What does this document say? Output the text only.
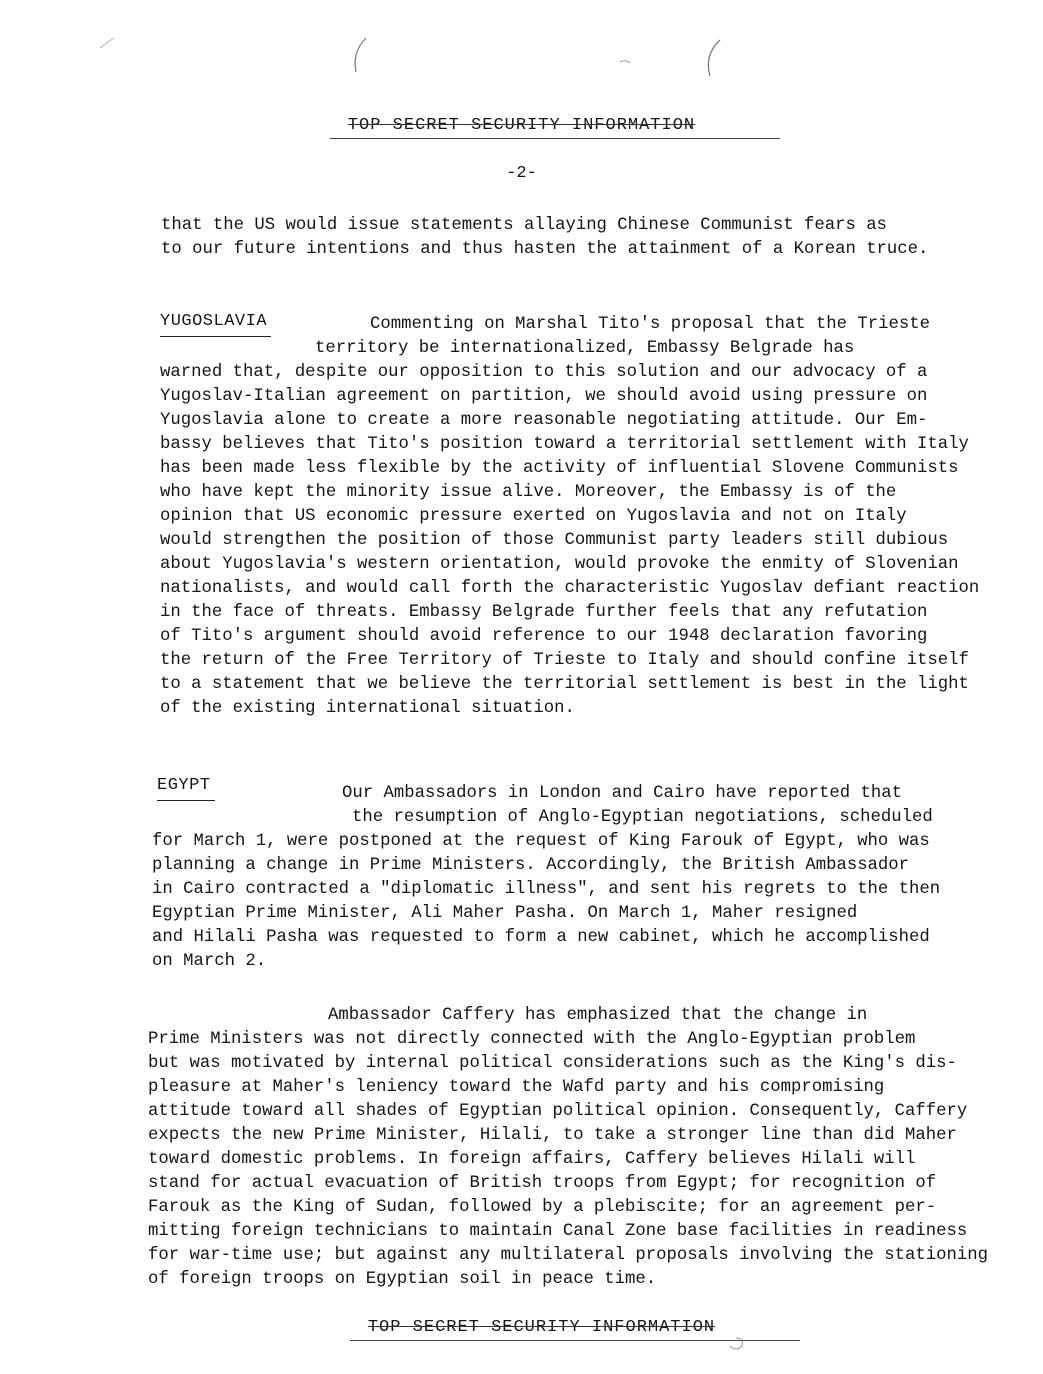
TOP SECRET SECURITY INFORMATION
-2-

that the US would issue statements allaying Chinese Communist fears as
to our future intentions and thus hasten the attainment of a Korean truce.

YUGOSLAVIA	Commenting on Marshal Tito's proposal that the Trieste
territory be internationalized, Embassy Belgrade has
warned that, despite our opposition to this solution and our advocacy of a
Yugoslav-Italian agreement on partition, we should avoid using pressure on
Yugoslavia alone to create a more reasonable negotiating attitude. Our Em-
bassy believes that Tito's position toward a territorial settlement with Italy
has been made less flexible by the activity of influential Slovene Communists
who have kept the minority issue alive. Moreover, the Embassy is of the
opinion that US economic pressure exerted on Yugoslavia and not on Italy
would strengthen the position of those Communist party leaders still dubious
about Yugoslavia's western orientation, would provoke the enmity of Slovenian
nationalists, and would call forth the characteristic Yugoslav defiant reaction
in the face of threats. Embassy Belgrade further feels that any refutation
of Tito's argument should avoid reference to our 1948 declaration favoring
the return of the Free Territory of Trieste to Italy and should confine itself
to a statement that we believe the territorial settlement is best in the light
of the existing international situation.

EGYPT	Our Ambassadors in London and Cairo have reported that
the resumption of Anglo-Egyptian negotiations, scheduled
for March 1, were postponed at the request of King Farouk of Egypt, who was
planning a change in Prime Ministers. Accordingly, the British Ambassador
in Cairo contracted a "diplomatic illness", and sent his regrets to the then
Egyptian Prime Minister, Ali Maher Pasha. On March 1, Maher resigned
and Hilali Pasha was requested to form a new cabinet, which he accomplished
on March 2.

Ambassador Caffery has emphasized that the change in
Prime Ministers was not directly connected with the Anglo-Egyptian problem
but was motivated by internal political considerations such as the King's dis-
pleasure at Maher's leniency toward the Wafd party and his compromising
attitude toward all shades of Egyptian political opinion. Consequently, Caffery
expects the new Prime Minister, Hilali, to take a stronger line than did Maher
toward domestic problems. In foreign affairs, Caffery believes Hilali will
stand for actual evacuation of British troops from Egypt; for recognition of
Farouk as the King of Sudan, followed by a plebiscite; for an agreement per-
mitting foreign technicians to maintain Canal Zone base facilities in readiness
for war-time use; but against any multilateral proposals involving the stationing
of foreign troops on Egyptian soil in peace time.

TOP SECRET SECURITY INFORMATION
